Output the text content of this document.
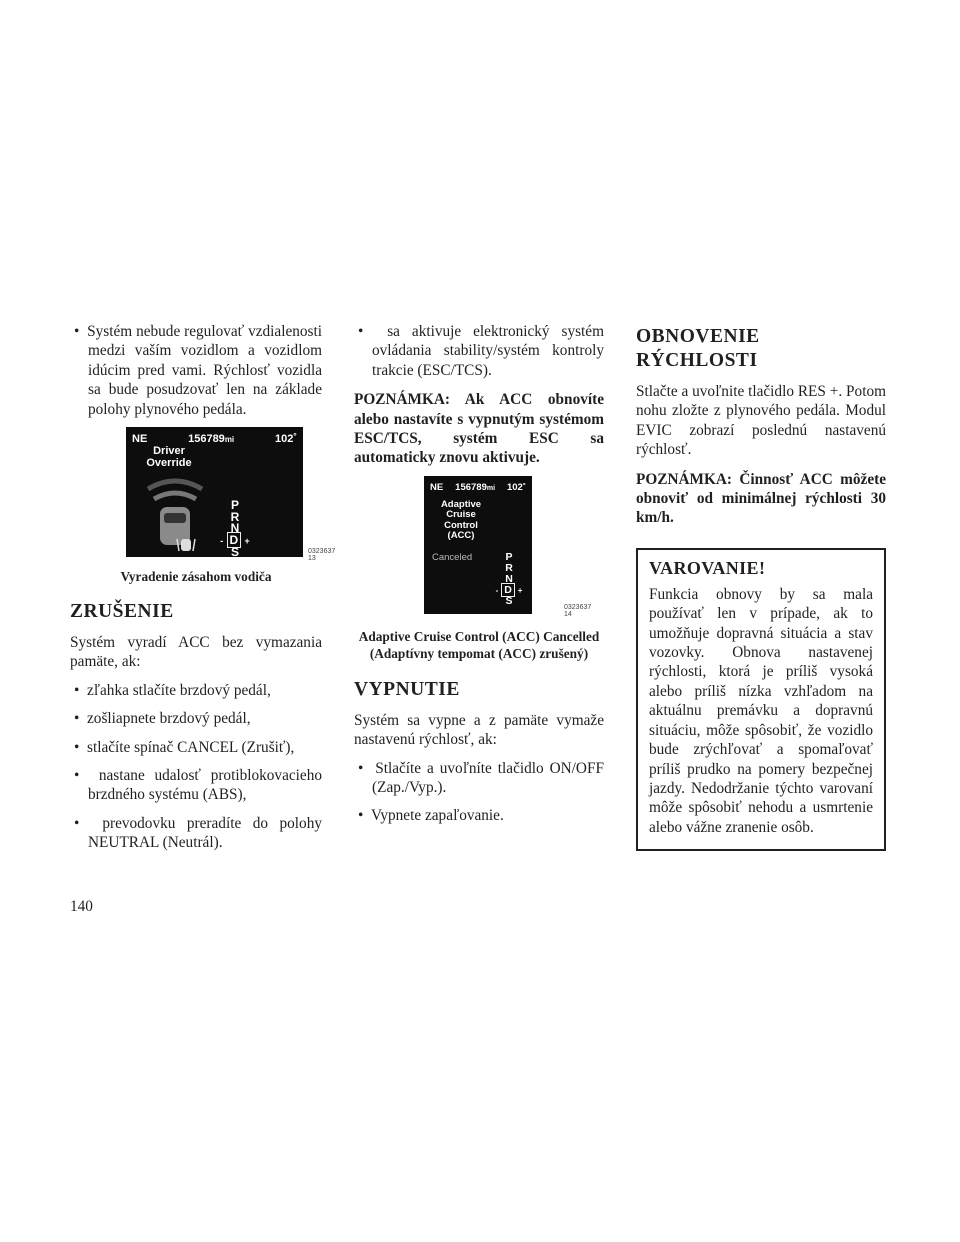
•  Systém nebude regulovať vzdialenosti medzi vaším vozidlom a vozidlom idúcim pred vami. Rýchlosť vozidla sa bude posudzovať len na základe polohy plynového pedála.
NE	156789mi	102˚
Driver
Override
P
R
N
- D +
S	0323637 13
Vyradenie zásahom vodiča
ZRUŠENIE

Systém vyradí ACC bez vymazania pamäte, ak:

•  zľahka stlačíte brzdový pedál,
•  zošliapnete brzdový pedál,
•  stlačíte spínač CANCEL (Zrušiť),
•  nastane udalosť protiblokovacieho brzdného systému (ABS),
•  prevodovku preradíte do polohy NEUTRAL (Neutrál).
•  sa aktivuje elektronický systém ovládania stability/systém kontroly trakcie (ESC/TCS).

POZNÁMKA: Ak ACC obnovíte alebo nastavíte s vypnutým systémom ESC/TCS, systém ESC sa automaticky znovu aktivuje.

NE 156789mi 102˚
Adaptive
Cruise
Control
(ACC)
Canceled	P
R
N
- D +
S
0323637 14
Adaptive Cruise Control (ACC) Cancelled (Adaptívny tempomat (ACC) zrušený)
VYPNUTIE

Systém sa vypne a z pamäte vymaže nastavenú rýchlosť, ak:

•  Stlačíte a uvoľníte tlačidlo ON/OFF (Zap./Vyp.).
•  Vypnete zapaľovanie.
OBNOVENIE RÝCHLOSTI

Stlačte a uvoľnite tlačidlo RES +. Potom nohu zložte z plynového pedála. Modul EVIC zobrazí poslednú nastavenú rýchlosť.

POZNÁMKA: Činnosť ACC môžete obnoviť od minimálnej rýchlosti 30 km/h.

VAROVANIE!

Funkcia obnovy by sa mala používať len v prípade, ak to umožňuje dopravná situácia a stav vozovky. Obnova nastavenej rýchlosti, ktorá je príliš vysoká alebo príliš nízka vzhľadom na aktuálnu premávku a dopravnú situáciu, môže spôsobiť, že vozidlo bude zrýchľovať a spomaľovať príliš prudko na pomery bezpečnej jazdy. Nedodržanie týchto varovaní môže spôsobiť nehodu a usmrtenie alebo vážne zranenie osôb.

140
